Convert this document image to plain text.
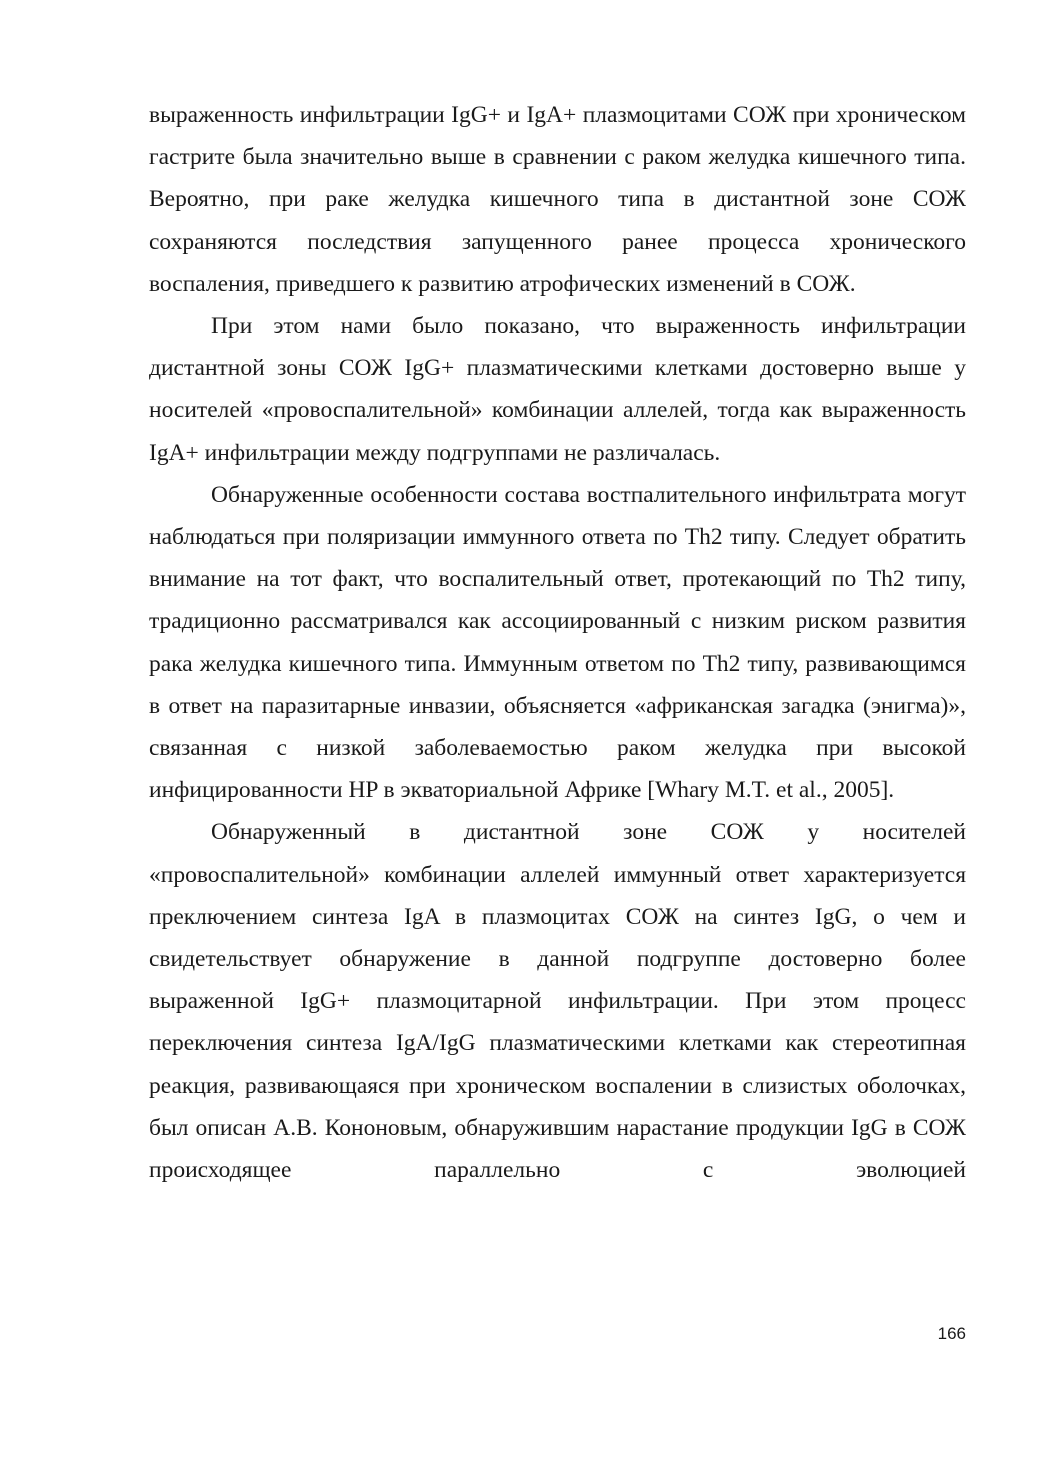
выраженность инфильтрации IgG+ и IgA+ плазмоцитами СОЖ при хроническом гастрите была значительно выше в сравнении с раком желудка кишечного типа. Вероятно, при раке желудка кишечного типа в дистантной зоне СОЖ сохраняются последствия запущенного ранее процесса хронического воспаления, приведшего к развитию атрофических изменений в СОЖ.

При этом нами было показано, что выраженность инфильтрации дистантной зоны СОЖ IgG+ плазматическими клетками достоверно выше у носителей «провоспалительной» комбинации аллелей, тогда как выраженность IgA+ инфильтрации между подгруппами не различалась.

Обнаруженные особенности состава востпалительного инфильтрата могут наблюдаться при поляризации иммунного ответа по Th2 типу. Следует обратить внимание на тот факт, что воспалительный ответ, протекающий по Th2 типу, традиционно рассматривался как ассоциированный с низким риском развития рака желудка кишечного типа. Иммунным ответом по Th2 типу, развивающимся в ответ на паразитарные инвазии, объясняется «африканская загадка (энигма)», связанная с низкой заболеваемостью раком желудка при высокой инфицированности HP в экваториальной Африке [Whary M.T. et al., 2005].

Обнаруженный в дистантной зоне СОЖ у носителей «провоспалительной» комбинации аллелей иммунный ответ характеризуется преключением синтеза IgA в плазмоцитах СОЖ на синтез IgG, о чем и свидетельствует обнаружение в данной подгруппе достоверно более выраженной IgG+ плазмоцитарной инфильтрации. При этом процесс переключения синтеза IgA/IgG плазматическими клетками как стереотипная реакция, развивающаяся при хроническом воспалении в слизистых оболочках, был описан А.В. Кононовым, обнаружившим нарастание продукции IgG в СОЖ происходящее параллельно с эволюцией

166
